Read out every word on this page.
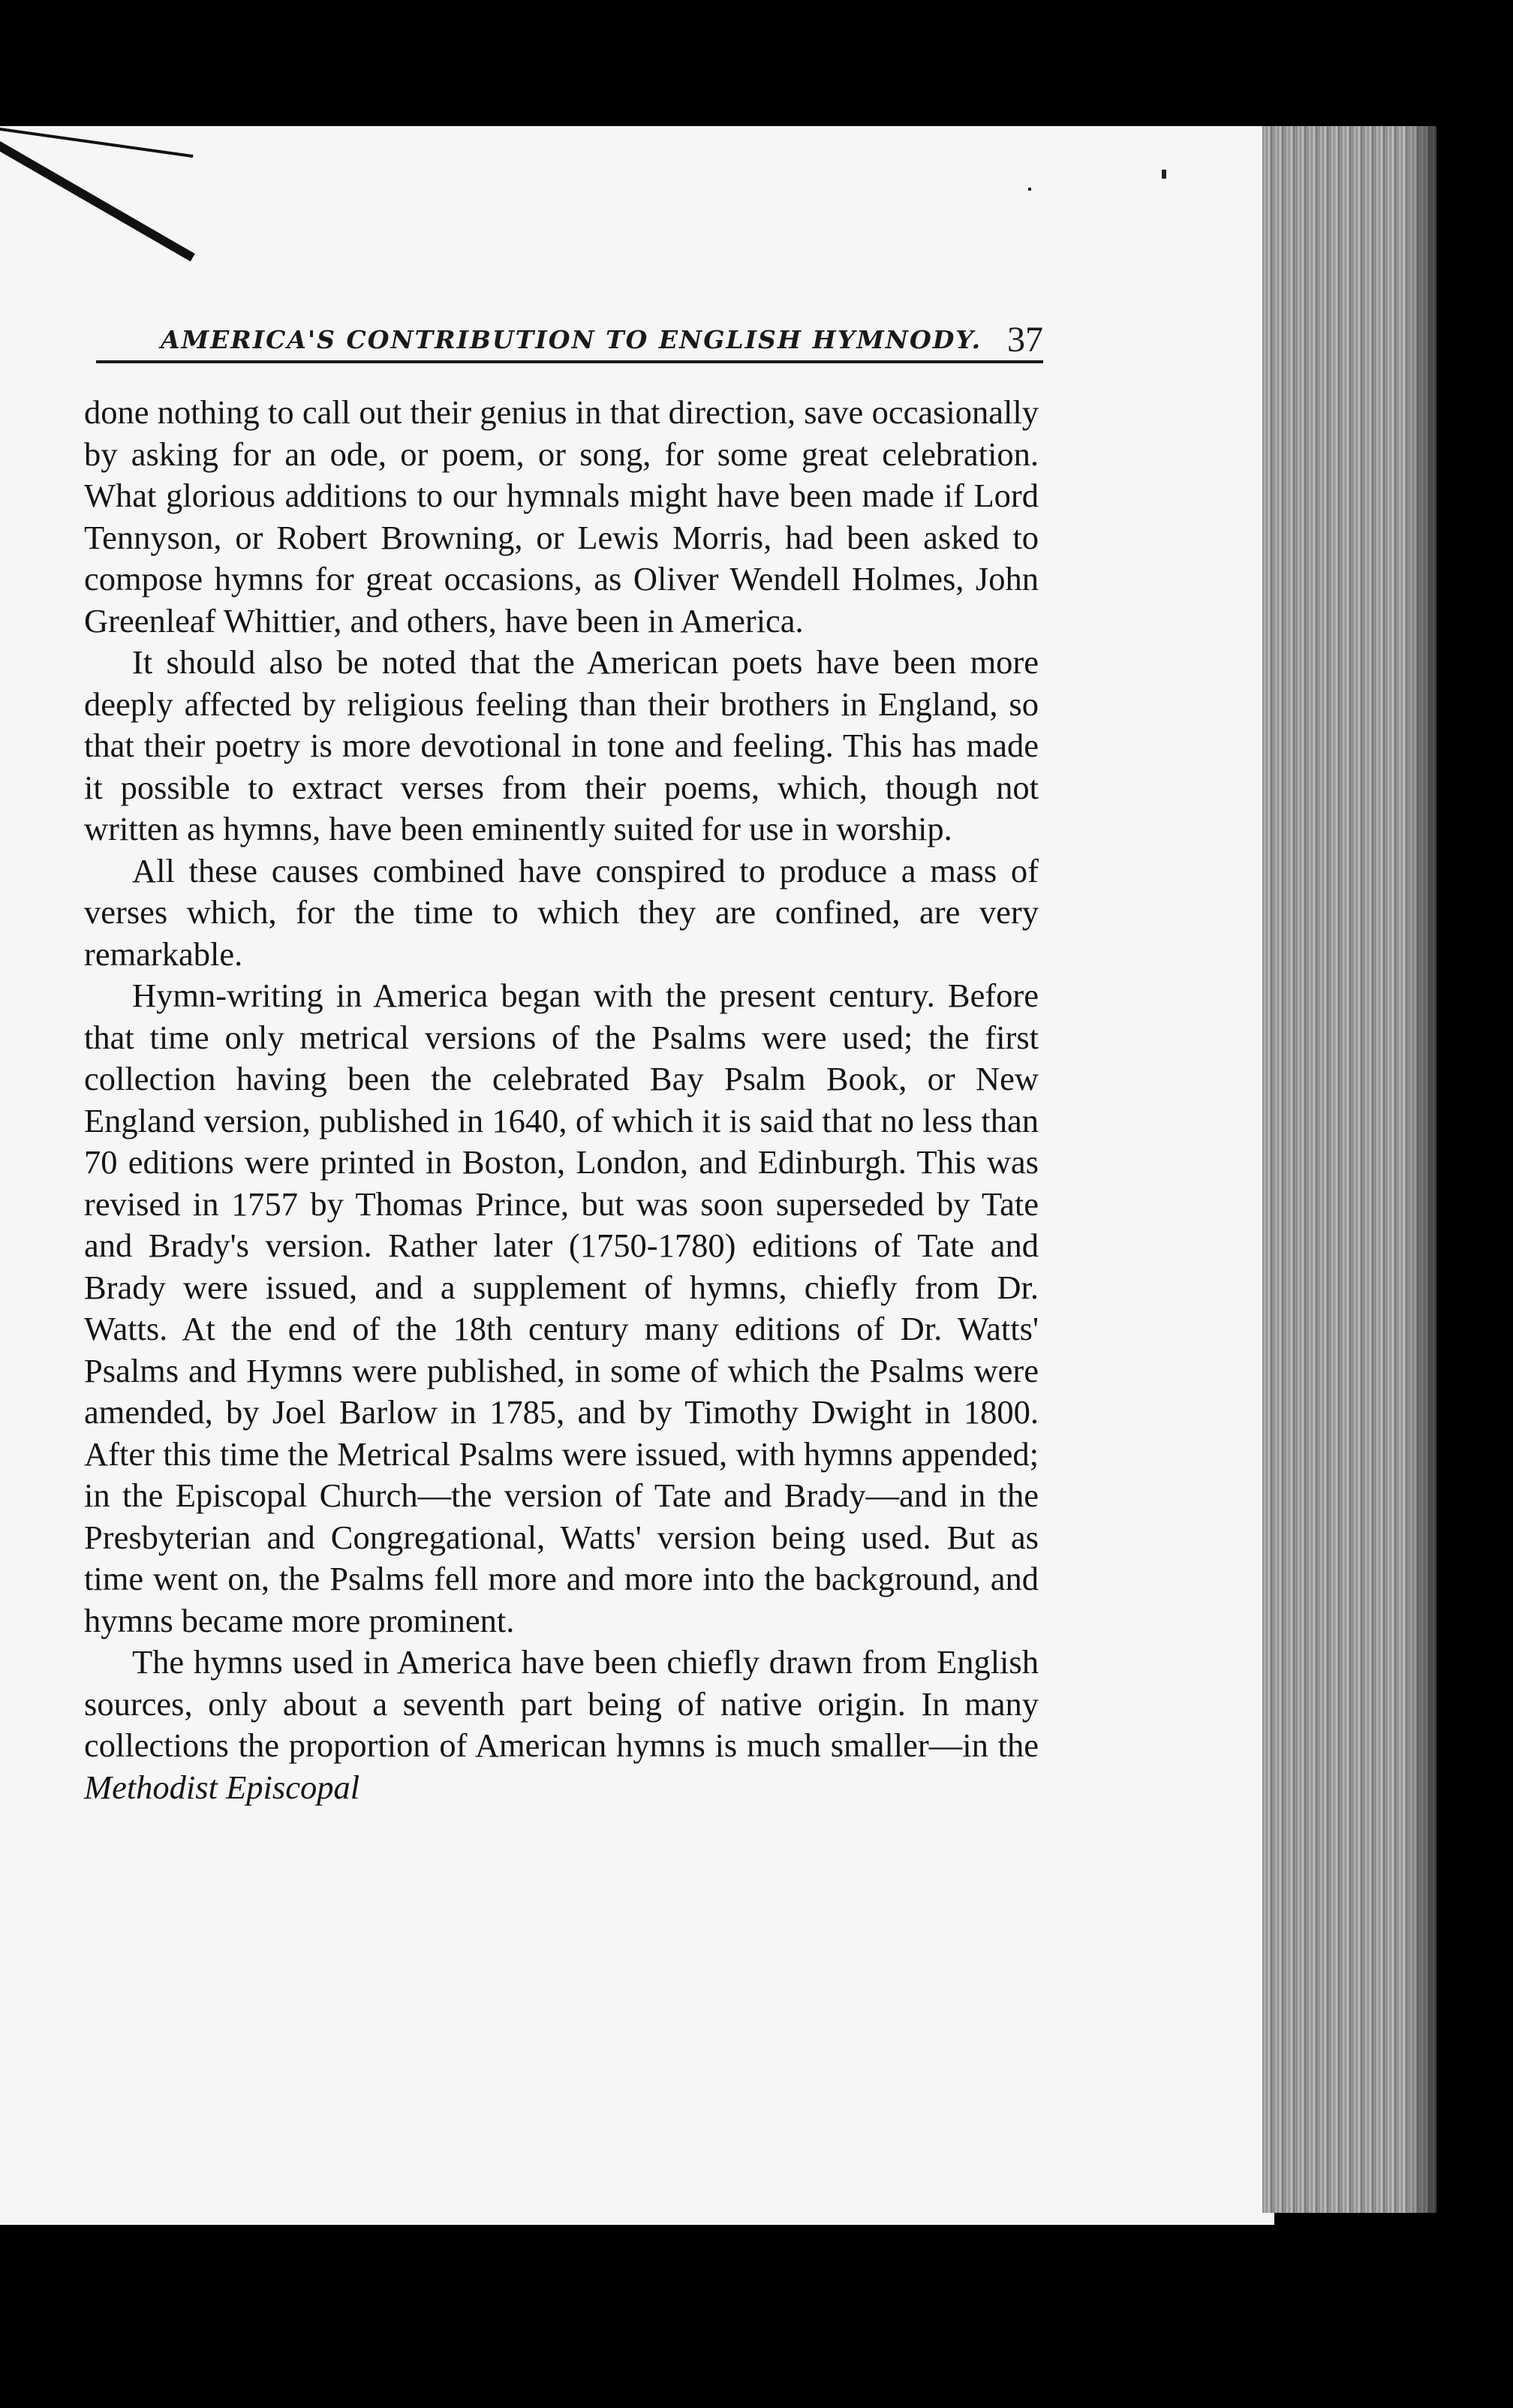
AMERICA'S CONTRIBUTION TO ENGLISH HYMNODY. 37

done nothing to call out their genius in that direction, save occasionally by asking for an ode, or poem, or song, for some great celebration. What glorious additions to our hymnals might have been made if Lord Tennyson, or Robert Browning, or Lewis Morris, had been asked to compose hymns for great occasions, as Oliver Wendell Holmes, John Greenleaf Whittier, and others, have been in America.

It should also be noted that the American poets have been more deeply affected by religious feeling than their brothers in England, so that their poetry is more devotional in tone and feeling. This has made it possible to extract verses from their poems, which, though not written as hymns, have been eminently suited for use in worship.

All these causes combined have conspired to produce a mass of verses which, for the time to which they are confined, are very remarkable.

Hymn-writing in America began with the present century. Before that time only metrical versions of the Psalms were used; the first collection having been the celebrated Bay Psalm Book, or New England version, published in 1640, of which it is said that no less than 70 editions were printed in Boston, London, and Edinburgh. This was revised in 1757 by Thomas Prince, but was soon superseded by Tate and Brady's version. Rather later (1750-1780) editions of Tate and Brady were issued, and a supplement of hymns, chiefly from Dr. Watts. At the end of the 18th century many editions of Dr. Watts' Psalms and Hymns were published, in some of which the Psalms were amended, by Joel Barlow in 1785, and by Timothy Dwight in 1800. After this time the Metrical Psalms were issued, with hymns appended; in the Episcopal Church—the version of Tate and Brady—and in the Presbyterian and Congregational, Watts' version being used. But as time went on, the Psalms fell more and more into the background, and hymns became more prominent.

The hymns used in America have been chiefly drawn from English sources, only about a seventh part being of native origin. In many collections the proportion of American hymns is much smaller—in the Methodist Episcopal
